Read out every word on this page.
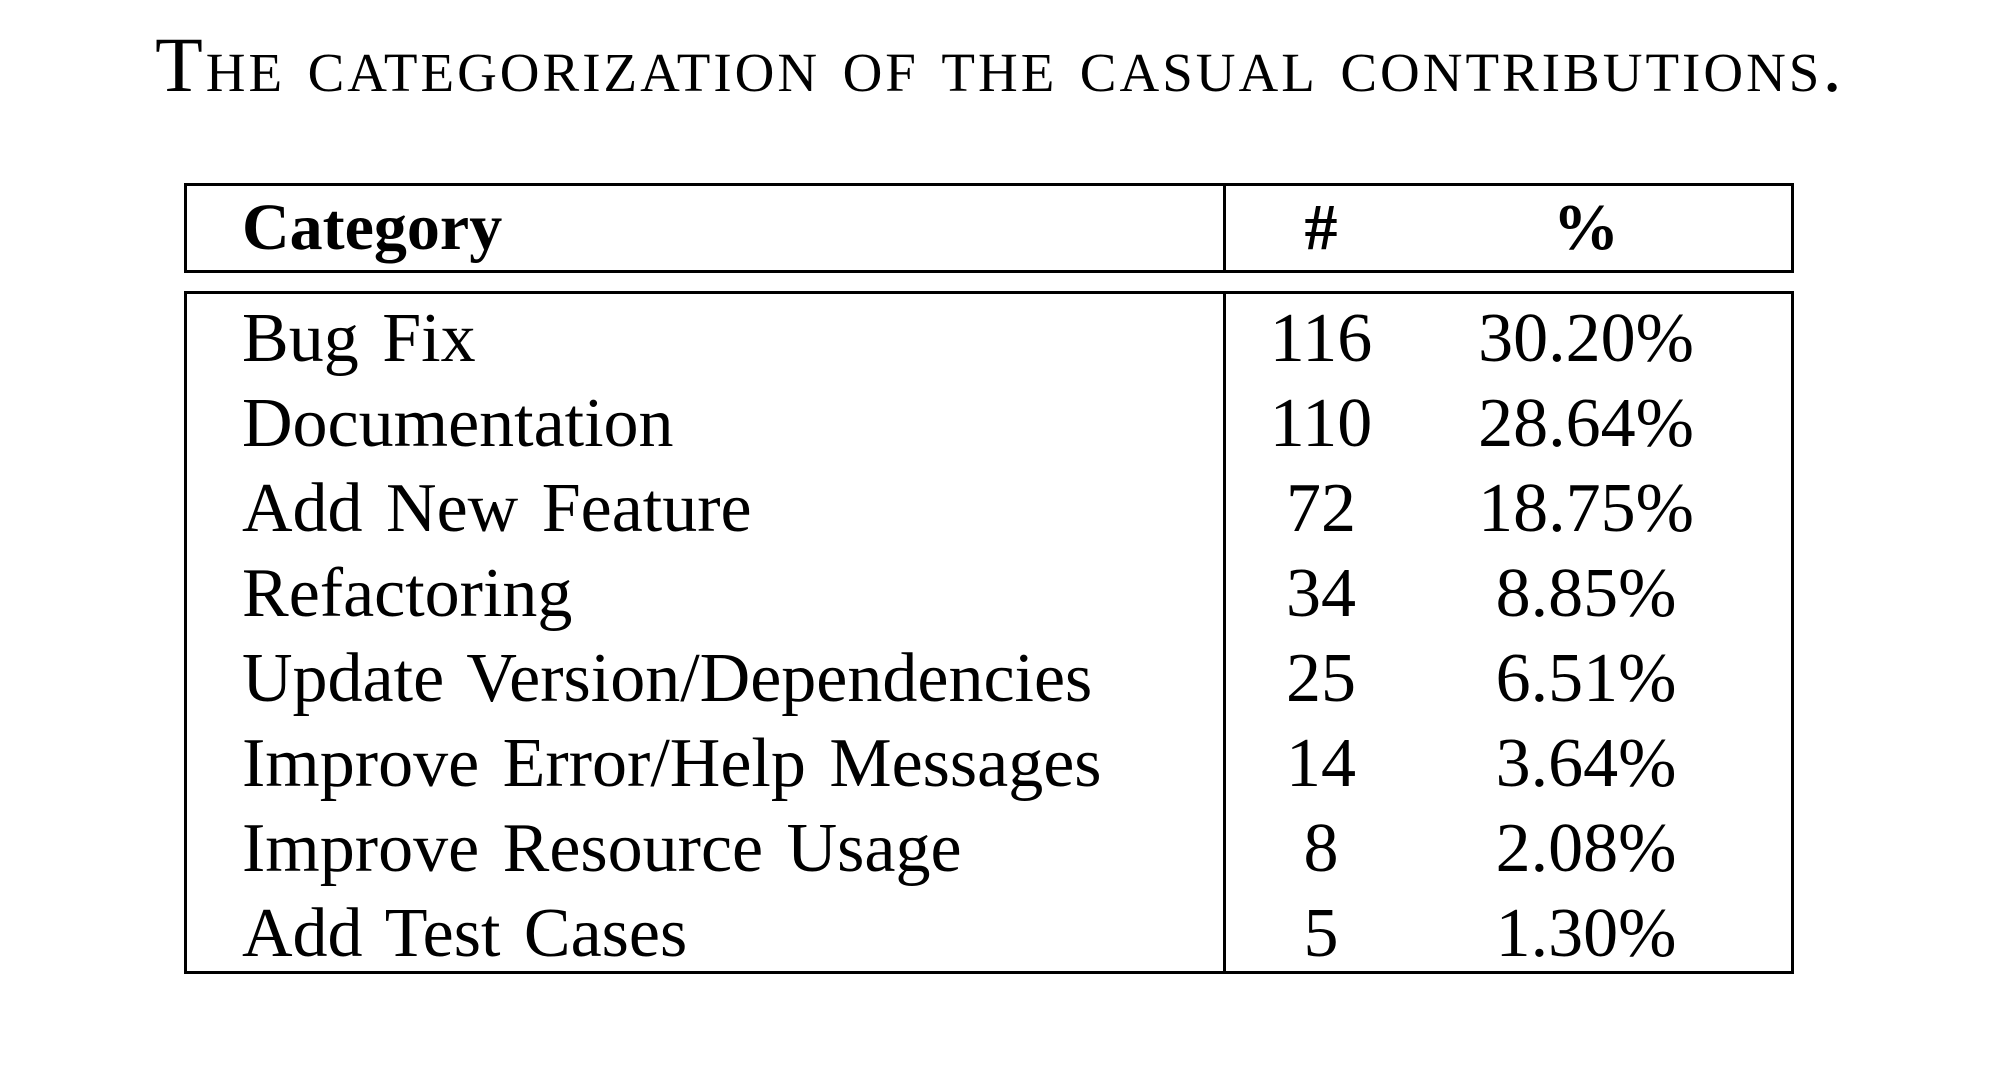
The categorization of the casual contributions.
Category	#	%
Bug Fix	116	30.20%
Documentation	110	28.64%
Add New Feature	72	18.75%
Refactoring	34	8.85%
Update Version/Dependencies	25	6.51%
Improve Error/Help Messages	14	3.64%
Improve Resource Usage	8	2.08%
Add Test Cases	5	1.30%
